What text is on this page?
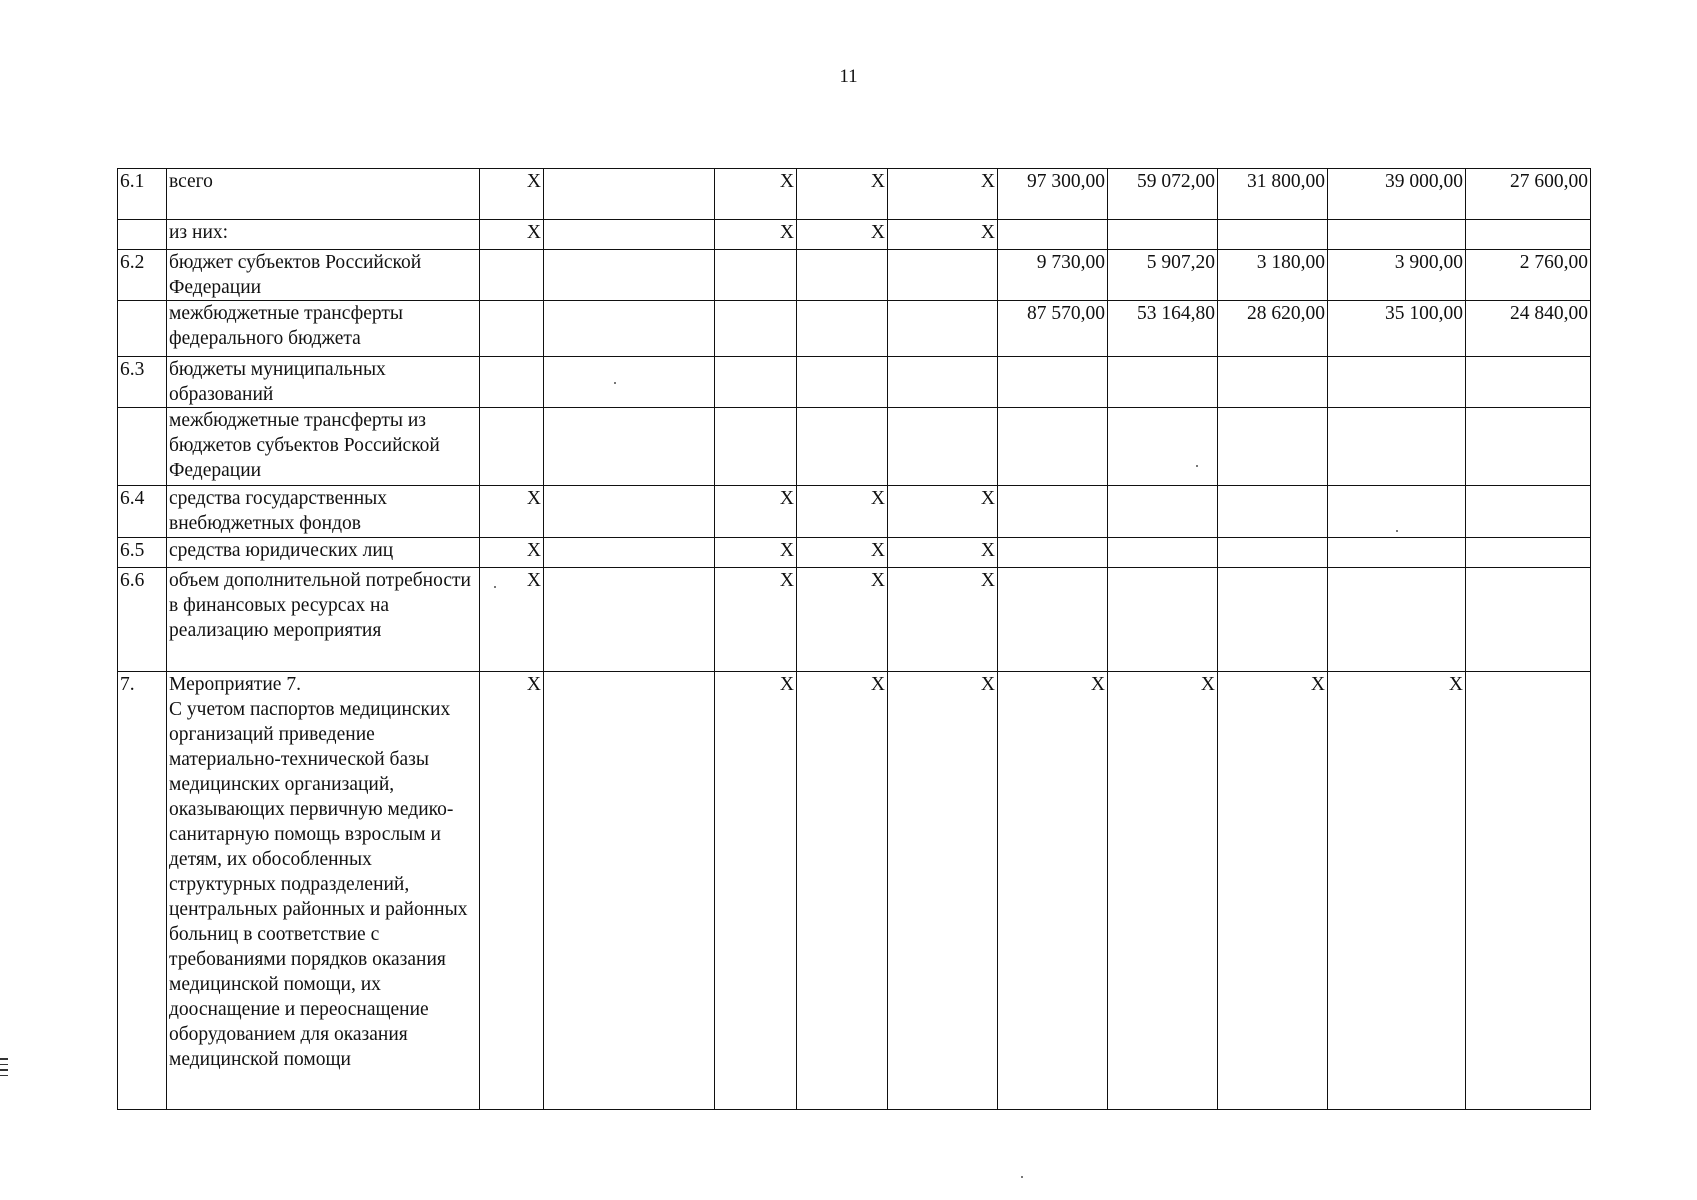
11
6.1	всего	X		X	X	X	97 300,00	59 072,00	31 800,00	39 000,00	27 600,00	
	из них:	X		X	X	X						
6.2	бюджет субъектов Российской Федерации						9 730,00	5 907,20	3 180,00	3 900,00	2 760,00	
	межбюджетные трансферты федерального бюджета						87 570,00	53 164,80	28 620,00	35 100,00	24 840,00	
6.3	бюджеты муниципальных образований											
	межбюджетные трансферты из бюджетов субъектов Российской Федерации											
6.4	средства государственных внебюджетных фондов	X		X	X	X						
6.5	средства юридических лиц	X		X	X	X						
6.6	объем дополнительной потребности в финансовых ресурсах на реализацию мероприятия	X		X	X	X						
7.	Мероприятие 7.
С учетом паспортов медицинских организаций приведение материально-технической базы медицинских организаций, оказывающих первичную медико-санитарную помощь взрослым и детям, их обособленных структурных подразделений, центральных районных и районных больниц в соответствие с требованиями порядков оказания медицинской помощи, их дооснащение и переоснащение оборудованием для оказания медицинской помощи	X		X	X	X	X	X	X	X		
